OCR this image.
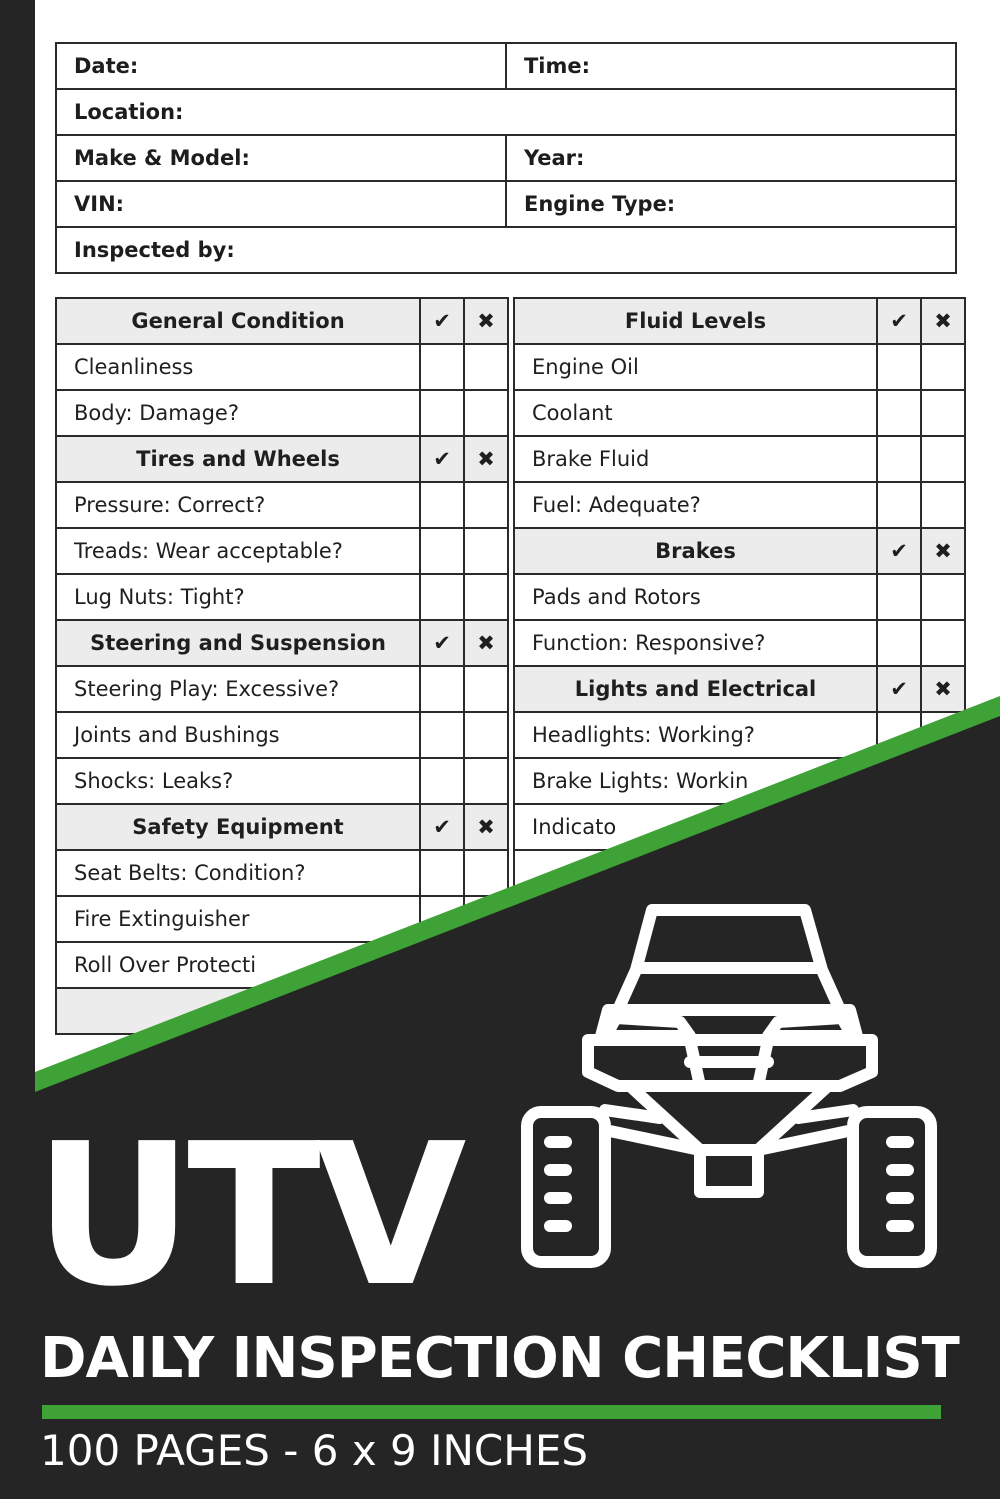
Date:	Time:
Location:	
Make & Model:	Year:
VIN:	Engine Type:
Inspected by:	
General Condition	✔	✖		Fluid Levels	✔	✖
Cleanliness				Engine Oil		
Body: Damage?				Coolant		
Tires and Wheels	✔	✖		Brake Fluid		
Pressure: Correct?				Fuel: Adequate?		
Treads: Wear acceptable?				Brakes	✔	✖
Lug Nuts: Tight?				Pads and Rotors		
Steering and Suspension	✔	✖		Function: Responsive?		
Steering Play: Excessive?				Lights and Electrical	✔	✖
Joints and Bushings				Headlights: Working?		
Shocks: Leaks?				Brake Lights: Workin		
Safety Equipment	✔	✖		Indicato		
Seat Belts: Condition?						
Fire Extinguisher						
Roll Over Protecti						

UTV
DAILY INSPECTION CHECKLIST
100 PAGES - 6 x 9 INCHES
